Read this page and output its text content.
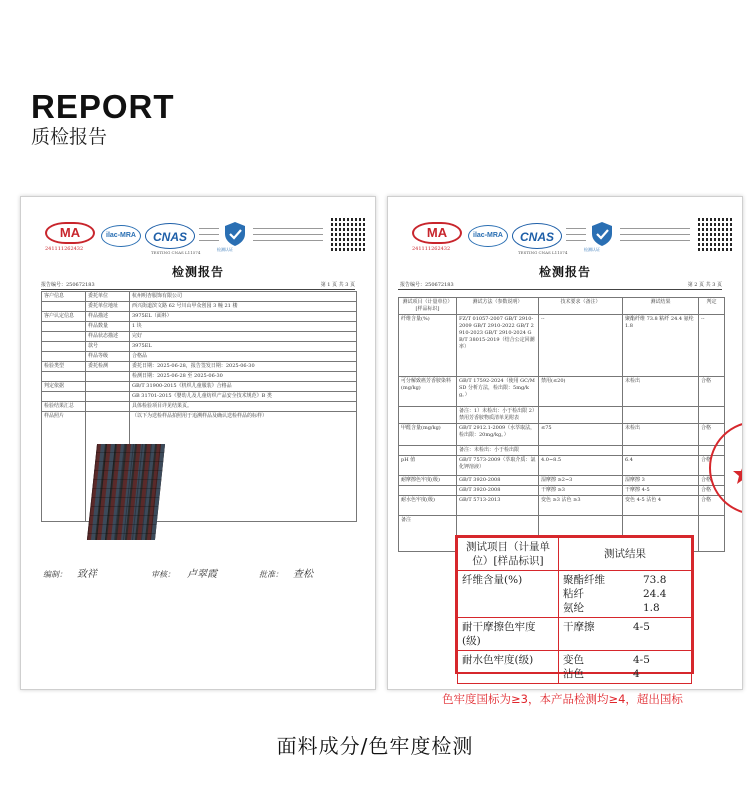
REPORT
质检报告
MA
241111262432
ilac-MRA	CNAS
TESTING CNAS L11574
检测认证
检测报告
报告编号：250672183	第 1 页 共 3 页
客户信息	委托单位	杭州明杏服饰有限公司
	委托单位地址	西兴街道滨文路 62 号川山甲众创园 3 幢 21 楼
客户认定信息	样品描述	3975EL（面料）
	样品数量	1 块
	样品状态描述	完好
	款号	3975EL
	样品等级	合格品
检验类型	委托检测	委托日期：2025-06-28，报告签发日期：2025-06-30
		检测日期：2025-06-28 至 2025-06-30
判定依据		GB/T 31900-2015《机织儿童服装》合格品
		GB 31701-2015《婴幼儿及儿童纺织产品安全技术规范》B 类
检验结果汇总		具体检验项目详见结果页。
样品照片		（以下为送检样品拍照用于追溯样品及确认送检样品的标样）
编制： 致祥	审核： 卢翠霞	批准： 查松
MA
241111262432
ilac-MRA	CNAS
TESTING CNAS L11574
检测认证
检测报告
报告编号：250672183	第 2 页 共 3 页
测试项目（计量单位）[样品标识]	测试方法（参数说明）	技术要求（备注）	测试结果	判定
纤维含量(%)	FZ/T 01057-2007 GB/T 2910-2009 GB/T 2910-2022 GB/T 2910-2023 GB/T 2910-2024 GB/T 38015-2019（结合公定回潮率）	--	聚酯纤维 73.8 粘纤 24.4 氨纶 1.8	--
可分解致癌芳香胺染料(mg/kg)	GB/T 17592-2024（使用 GC/MSD 分析方法，检出限：5mg/kg。）	禁用(≤20)	未检出	合格
	备注：1）未检出：小于检出限 2）禁用芳香胺物质清单见附表			
甲醛含量(mg/kg)	GB/T 2912.1-2009（水萃取法，检出限：20mg/kg。）	≤75	未检出	合格
	备注：未检出：小于检出限			
pH 值	GB/T 7573-2009（萃取介质：氯化钾溶液）	4.0~8.5	6.4	合格
耐摩擦色牢度(级)	GB/T 3920-2008	湿摩擦 ≥2~3	湿摩擦 3	合格
	GB/T 3920-2008	干摩擦 ≥3	干摩擦 4-5	合格
耐水色牢度(级)	GB/T 5713-2013	变色 ≥3 沾色 ≥3	变色 4-5 沾色 4	合格
备注				
测试项目（计量单位）[样品标识]	测试结果
纤维含量(%)	聚酯纤维 73.8
粘纤 24.4
氨纶 1.8

耐干摩擦色牢度(级)	干摩擦 4-5
耐水色牢度(级)	变色 4-5
沾色 4
色牢度国标为≥3，本产品检测均≥4，超出国标
面料成分/色牢度检测
